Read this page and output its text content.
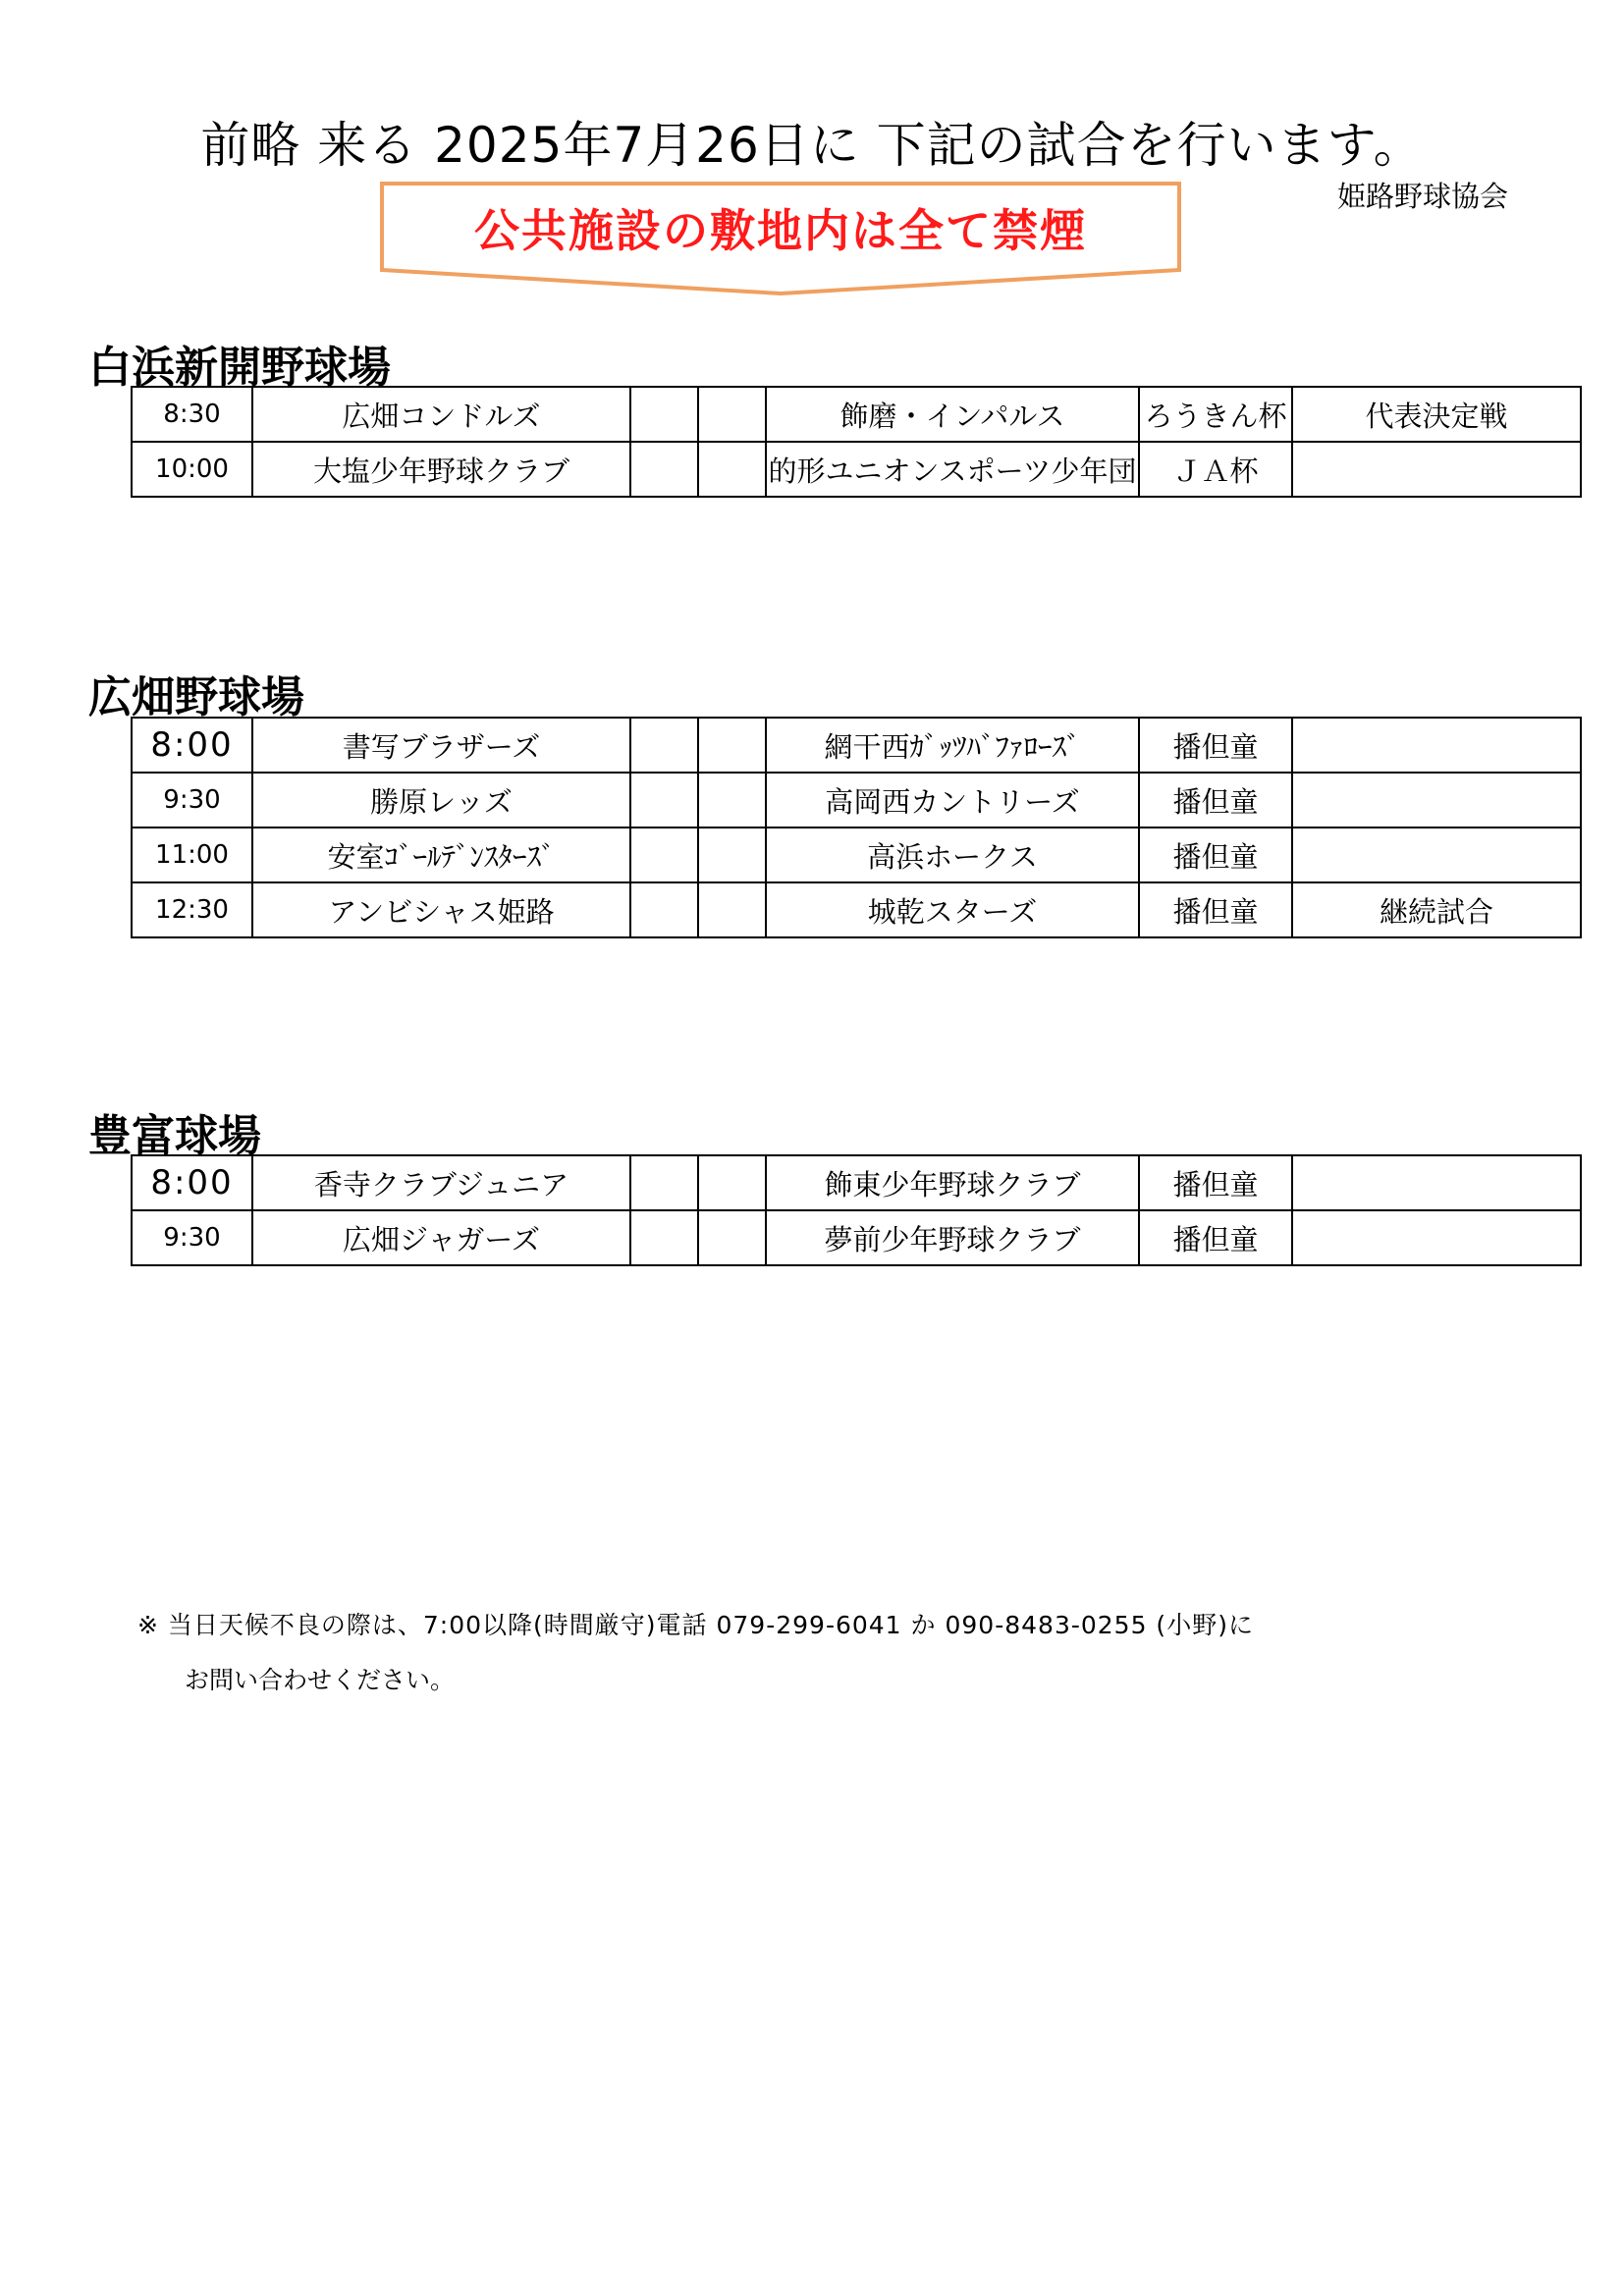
前略 来る 2025年7月26日に 下記の試合を行います。
公共施設の敷地内は全て禁煙
姫路野球協会
白浜新開野球場
8:30	広畑コンドルズ			飾磨・インパルス	ろうきん杯	代表決定戦
10:00	大塩少年野球クラブ			的形ユニオンスポーツ少年団	ＪＡ杯	
広畑野球場
8:00	書写ブラザーズ			網干西ｶﾞｯﾂﾊﾞﾌｧﾛｰｽﾞ	播但童	
9:30	勝原レッズ			高岡西カントリーズ	播但童	
11:00	安室ｺﾞｰﾙﾃﾞﾝｽﾀｰｽﾞ			高浜ホークス	播但童	
12:30	アンビシャス姫路			城乾スターズ	播但童	継続試合
豊富球場
8:00	香寺クラブジュニア			飾東少年野球クラブ	播但童	
9:30	広畑ジャガーズ			夢前少年野球クラブ	播但童	
※ 当日天候不良の際は、7:00以降(時間厳守)電話 079-299-6041 か 090-8483-0255 (小野)に
お問い合わせください。
